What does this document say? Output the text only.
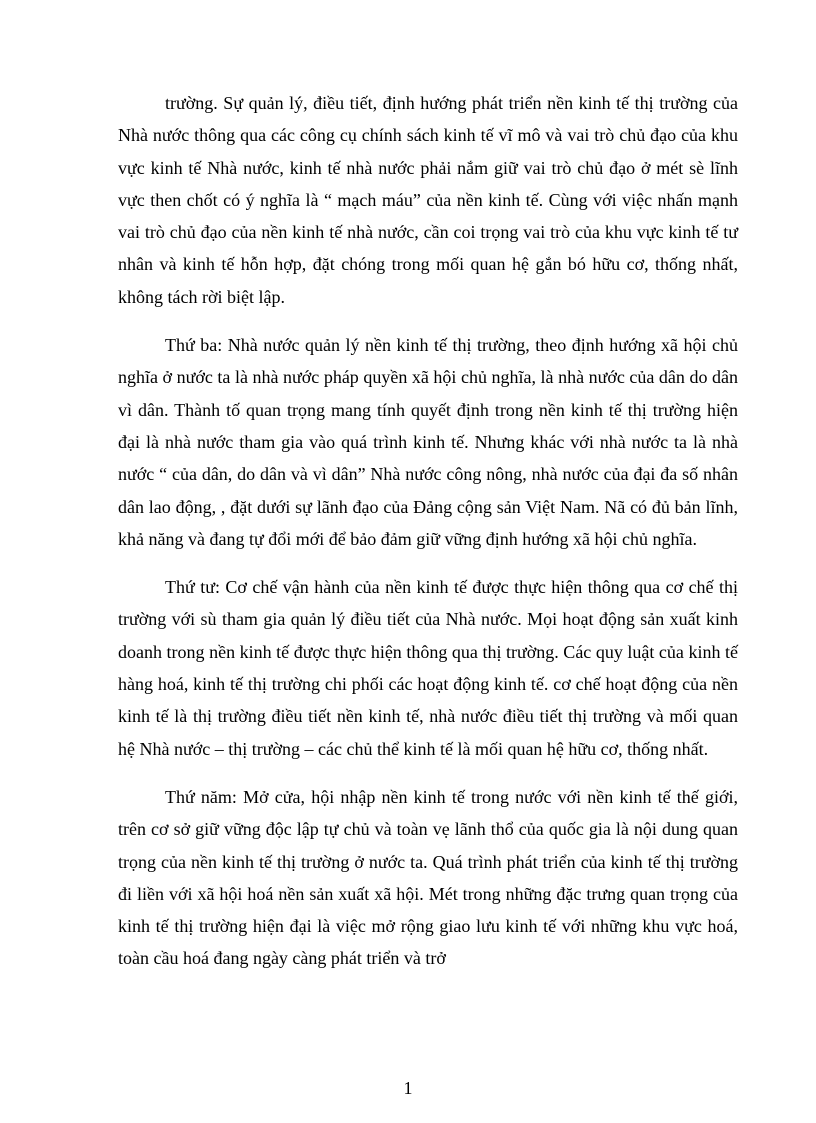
trường. Sự quản lý, điều tiết, định hướng phát triển nền kinh tế thị trường của Nhà nước thông qua các công cụ chính sách kinh tế vĩ mô và vai trò chủ đạo của khu vực kinh tế Nhà nước, kinh tế nhà nước phải nắm giữ vai trò chủ đạo ở mét sè lĩnh vực then chốt có ý nghĩa là “ mạch máu” của nền kinh tế. Cùng với việc nhấn mạnh vai trò chủ đạo của nền kinh tế nhà nước, cần coi trọng vai trò của khu vực kinh tế tư nhân và kinh tế hỗn hợp, đặt chóng trong mối quan hệ gắn bó hữu cơ, thống nhất, không tách rời biệt lập.

Thứ ba: Nhà nước quản lý nền kinh tế thị trường, theo định hướng xã hội chủ nghĩa ở nước ta là nhà nước pháp quyền xã hội chủ nghĩa, là nhà nước của dân do dân vì dân. Thành tố quan trọng mang tính quyết định trong nền kinh tế thị trường hiện đại là nhà nước tham gia vào quá trình kinh tế. Nhưng khác với nhà nước ta là nhà nước “ của dân, do dân và vì dân” Nhà nước công nông, nhà nước của đại đa số nhân dân lao động, , đặt dưới sự lãnh đạo của Đảng cộng sản Việt Nam. Nã có đủ bản lĩnh, khả năng và đang tự đổi mới để bảo đảm giữ vững định hướng xã hội chủ nghĩa.

Thứ tư: Cơ chế vận hành của nền kinh tế được thực hiện thông qua cơ chế thị trường với sù tham gia quản lý điều tiết của Nhà nước. Mọi hoạt động sản xuất kinh doanh trong nền kinh tế được thực hiện thông qua thị trường. Các quy luật của kinh tế hàng hoá, kinh tế thị trường chi phối các hoạt động kinh tế. cơ chế hoạt động của nền kinh tế là thị trường điều tiết nền kinh tế, nhà nước điều tiết thị trường và mối quan hệ Nhà nước – thị trường – các chủ thể kinh tế là mối quan hệ hữu cơ, thống nhất.

Thứ năm: Mở cửa, hội nhập nền kinh tế trong nước với nền kinh tế thế giới, trên cơ sở giữ vững độc lập tự chủ và toàn vẹ lãnh thổ của quốc gia là nội dung quan trọng của nền kinh tế thị trường ở nước ta. Quá trình phát triển của kinh tế thị trường đi liền với xã hội hoá nền sản xuất xã hội. Mét trong những đặc trưng quan trọng của kinh tế thị trường hiện đại là việc mở rộng giao lưu kinh tế với những khu vực hoá, toàn cầu hoá đang ngày càng phát triển và trở

1
